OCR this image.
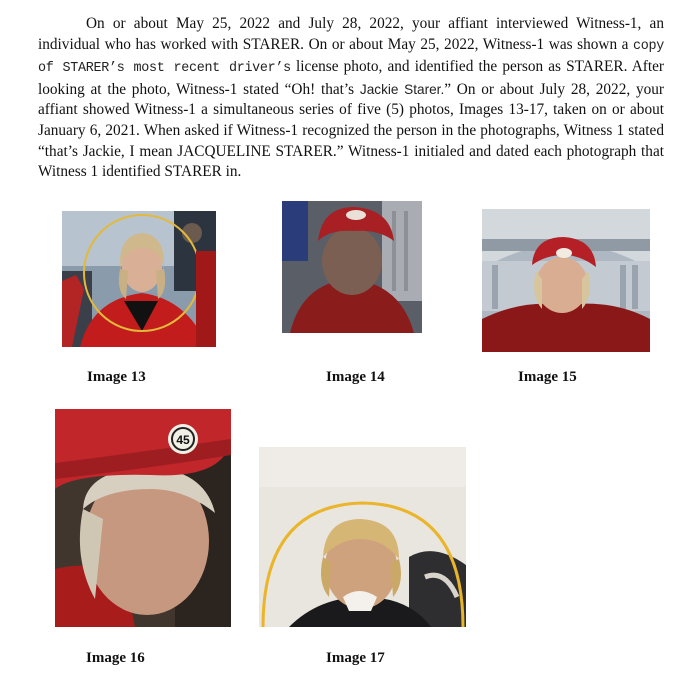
On or about May 25, 2022 and July 28, 2022, your affiant interviewed Witness-1, an individual who has worked with STARER. On or about May 25, 2022, Witness-1 was shown a copy of STARER’s most recent driver’s license photo, and identified the person as STARER. After looking at the photo, Witness-1 stated “Oh! that’s Jackie Starer.” On or about July 28, 2022, your affiant showed Witness-1 a simultaneous series of five (5) photos, Images 13-17, taken on or about January 6, 2021. When asked if Witness-1 recognized the person in the photographs, Witness 1 stated “that’s Jackie, I mean JACQUELINE STARER.” Witness-1 initialed and dated each photograph that Witness 1 identified STARER in.

45

Image 13	Image 14	Image 15

Image 16	Image 17
